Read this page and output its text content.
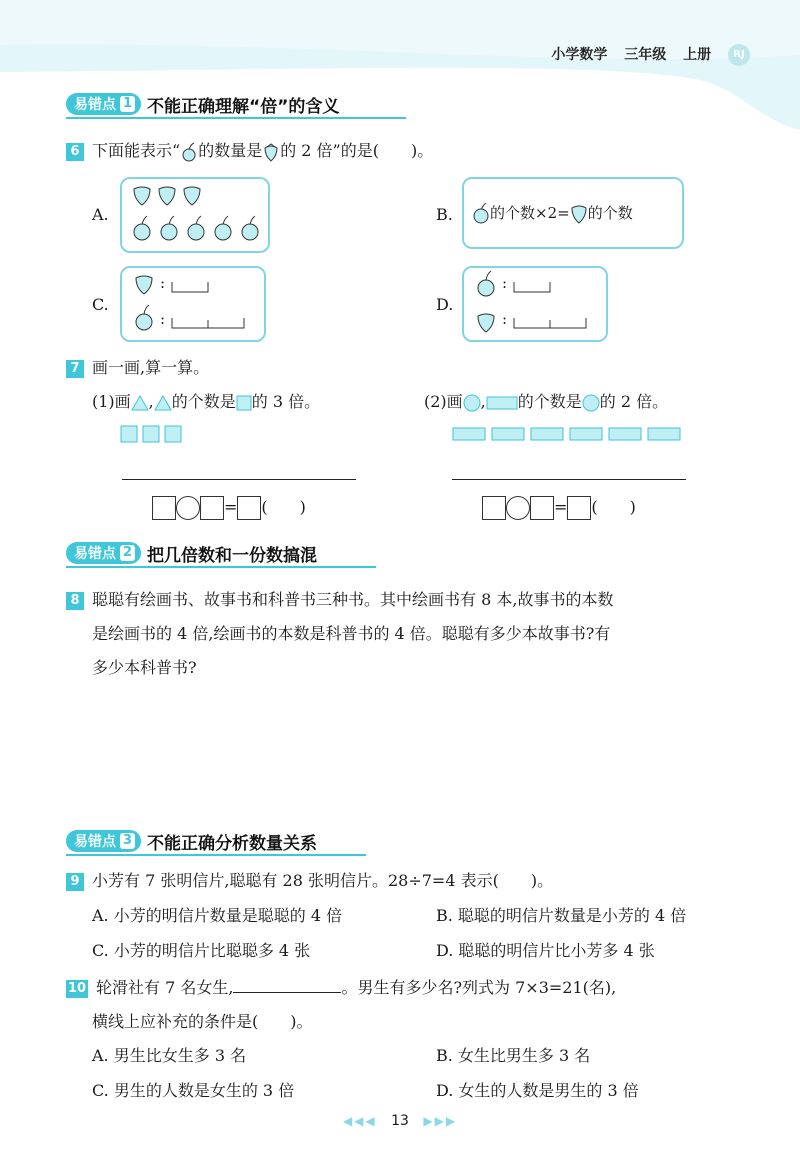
小学数学 三年级 上册 RJ
易错点 1 不能正确理解“倍”的含义
6 下面能表示“ 的数量是 的 2 倍”的是(　　)。
A.	B. 的个数×2= 的个数
C.
:
:
D.
:
:
7 画一画,算一算。
(1)画 , 的个数是 的 3 倍。	(2)画 , 的个数是 的 2 倍。
= (　　)	= (　　)
易错点 2 把几倍数和一份数搞混
8 聪聪有绘画书、故事书和科普书三种书。其中绘画书有 8 本,故事书的本数
是绘画书的 4 倍,绘画书的本数是科普书的 4 倍。聪聪有多少本故事书?有
多少本科普书?
易错点 3 不能正确分析数量关系
9 小芳有 7 张明信片,聪聪有 28 张明信片。28÷7=4 表示(　　)。
A. 小芳的明信片数量是聪聪的 4 倍	B. 聪聪的明信片数量是小芳的 4 倍
C. 小芳的明信片比聪聪多 4 张	D. 聪聪的明信片比小芳多 4 张
10 轮滑社有 7 名女生,	。男生有多少名?列式为 7×3=21(名),
横线上应补充的条件是(　　)。
A. 男生比女生多 3 名	B. 女生比男生多 3 名
C. 男生的人数是女生的 3 倍	D. 女生的人数是男生的 3 倍
◀◀◀ 13 ▶▶▶
